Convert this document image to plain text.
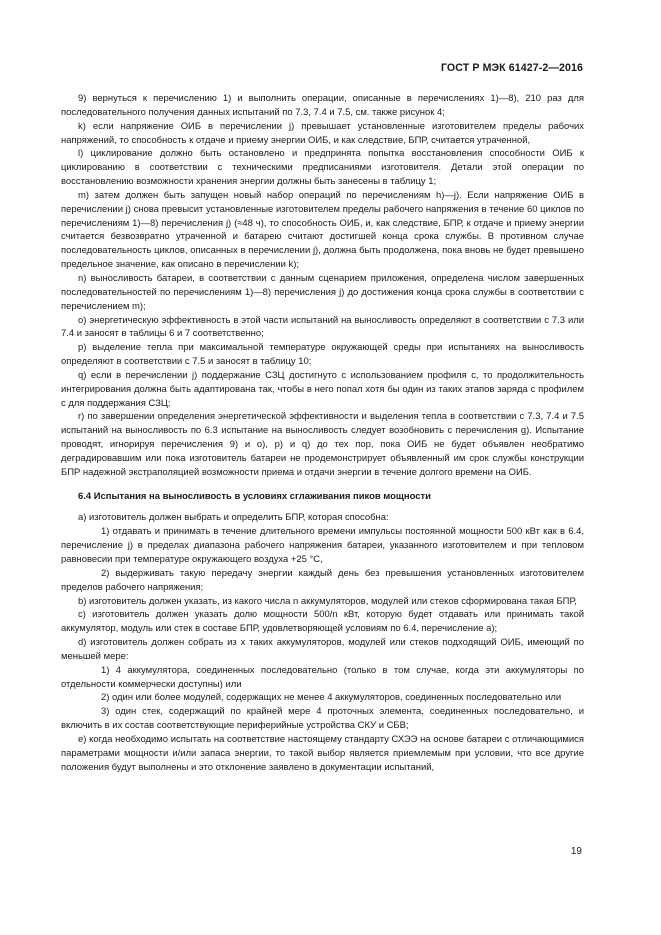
ГОСТ Р МЭК 61427-2—2016

9) вернуться к перечислению 1) и выполнить операции, описанные в перечислениях 1)—8), 210 раз для последовательного получения данных испытаний по 7.3, 7.4 и 7.5, см. также рисунок 4;

k) если напряжение ОИБ в перечислении j) превышает установленные изготовителем пределы рабочих напряжений, то способность к отдаче и приему энергии ОИБ, и как следствие, БПР, считается утраченной,

l) циклирование должно быть остановлено и предпринята попытка восстановления способности ОИБ к циклированию в соответствии с техническими предписаниями изготовителя. Детали этой операции по восстановлению возможности хранения энергии должны быть занесены в таблицу 1;

m) затем должен быть запущен новый набор операций по перечислениям h)—j). Если напряжение ОИБ в перечислении j) снова превысит установленные изготовителем пределы рабочего напряжения в течение 60 циклов по перечислениям 1)—8) перечисления j) (≈48 ч), то способность ОИБ, и, как следствие, БПР, к отдаче и приему энергии считается безвозвратно утраченной и батарею считают достигшей конца срока службы. В противном случае последовательность циклов, описанных в перечислении j), должна быть продолжена, пока вновь не будет превышено предельное значение, как описано в перечислении k);

n) выносливость батареи, в соответствии с данным сценарием приложения, определена числом завершенных последовательностей по перечислениям 1)—8) перечисления j) до достижения конца срока службы в соответствии с перечислением m);

o) энергетическую эффективность в этой части испытаний на выносливость определяют в соответствии с 7.3 или 7.4 и заносят в таблицы 6 и 7 соответственно;

p) выделение тепла при максимальной температуре окружающей среды при испытаниях на выносливость определяют в соответствии с 7.5 и заносят в таблицу 10;

q) если в перечислении j) поддержание СЗЦ достигнуто с использованием профиля с, то продолжительность интегрирования должна быть адаптирована так, чтобы в него попал хотя бы один из таких этапов заряда с профилем с для поддержания СЗЦ;

r) по завершении определения энергетической эффективности и выделения тепла в соответствии с 7.3, 7.4 и 7.5 испытаний на выносливость по 6.3 испытание на выносливость следует возобновить с перечисления g). Испытание проводят, игнорируя перечисления 9) и o), p) и q) до тех пор, пока ОИБ не будет объявлен необратимо деградировавшим или пока изготовитель батареи не продемонстрирует объявленный им срок службы конструкции БПР надежной экстраполяцией возможности приема и отдачи энергии в течение долгого времени на ОИБ.

6.4 Испытания на выносливость в условиях сглаживания пиков мощности

a) изготовитель должен выбрать и определить БПР, которая способна:

1) отдавать и принимать в течение длительного времени импульсы постоянной мощности 500 кВт как в 6.4, перечисление j) в пределах диапазона рабочего напряжения батареи, указанного изготовителем и при тепловом равновесии при температуре окружающего воздуха +25 °С,

2) выдерживать такую передачу энергии каждый день без превышения установленных изготовителем пределов рабочего напряжения;

b) изготовитель должен указать, из какого числа n аккумуляторов, модулей или стеков сформирована такая БПР,

c) изготовитель должен указать долю мощности 500/n кВт, которую будет отдавать или принимать такой аккумулятор, модуль или стек в составе БПР, удовлетворяющей условиям по 6.4, перечисление a);

d) изготовитель должен собрать из x таких аккумуляторов, модулей или стеков подходящий ОИБ, имеющий по меньшей мере:

1) 4 аккумулятора, соединенных последовательно (только в том случае, когда эти аккумуляторы по отдельности коммерчески доступны) или

2) один или более модулей, содержащих не менее 4 аккумуляторов, соединенных последовательно или

3) один стек, содержащий по крайней мере 4 проточных элемента, соединенных последовательно, и включить в их состав соответствующие периферийные устройства СКУ и СБВ;

e) когда необходимо испытать на соответствие настоящему стандарту СХЭЭ на основе батареи с отличающимися параметрами мощности и/или запаса энергии, то такой выбор является приемлемым при условии, что все другие положения будут выполнены и это отклонение заявлено в документации испытаний,

19
